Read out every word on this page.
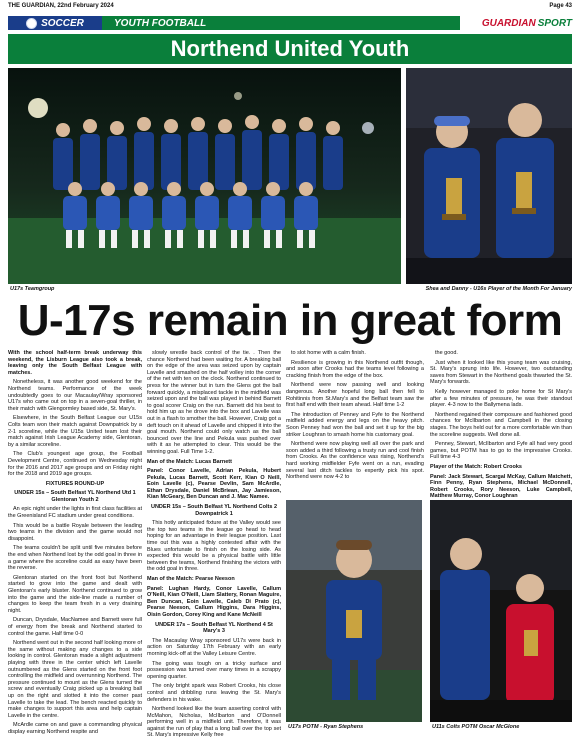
THE GUARDIAN, 22nd February 2024	Page 43
SOCCER	YOUTH FOOTBALL	GUARDIAN SPORT
Northend United Youth
U17s Teamgroup	Shea and Danny - U16s Player of the Month For January
U-17s remain in great form

With the school half-term break underway this weekend, the Lisburn League also took a break, leaving only the South Belfast League with matches.

Nonetheless, it was another good weekend for the Northend teams. Performance of the week undoubtedly goes to our Macaulay/Wray sponsored U17s who came out on top in a seven-goal thriller, in their match with Glengormley based side, St. Mary's.

Elsewhere, in the South Belfast League our U15s Colts team won their match against Downpatrick by a 2-1 scoreline, while the U15s United team lost their match against Irish League Academy side, Glentoran, by a similar scoreline.

The Club's youngest age group, the Football Development Centre, continued on Wednesday night for the 2016 and 2017 age groups and on Friday night for the 2018 and 2019 age groups.

FIXTURES ROUND-UP

UNDER 15s – South Belfast YL Northend Utd 1 Glentoran Youth 2

An epic night under the lights in first class facilities at the Greenisland FC stadium under great conditions.

This would be a battle Royale between the leading two teams in the division and the game would not disappoint.

The teams couldn't be split until five minutes before the end when Northend lost by the odd goal in three in a game where the scoreline could as easy have been the reverse.

Glentoran started on the front foot but Northend started to grow into the game and dealt with Glentoran's early bluster. Northend continued to grow into the game and the side-line made a number of changes to keep the team fresh in a very draining night.

Duncan, Drysdale, MacNamee and Barnett were full of energy from the break and Northend started to control the game. Half time 0-0

Northend went out in the second half looking more of the same without making any changes to a side looking in control. Glentoran made a slight adjustment playing with three in the center which left Lavelle outnumbered as the Glens started on the front foot controlling the midfield and overrunning Northend. The pressure continued to mount as the Glens turned the screw and eventually Craig picked up a breaking ball up on the right and slotted it into the corner past Lavelle to take the lead. The bench reacted quickly to make changes to support this area and help captain Lavelle in the centre.

McArdle came on and gave a commanding physical display earning Northend respite and

slowly wrestle back control of the tie. . Then the chance Northend had been waiting for. A breaking ball on the edge of the area was seized upon by captain Lavelle and smashed on the half volley into the corner of the net with ten on the clock. Northend continued to press for the winner but in turn the Glens got the ball forward quickly, a misplaced tackle in the midfield was seized upon and the ball was played in behind Barnett to goal scorer Craig on the run. Barnett did his best to hold him up as he drove into the box and Lavelle was out in a flash to smother the ball. However, Craig got a deft touch on it ahead of Lavelle and chipped it into the goal mouth. Northend could only watch as the ball bounced over the line and Pekula was pushed over with it as he attempted to clear. This would be the winning goal. Full Time 1-2.

Man of the Match: Lucas Barnett

Panel: Conor Lavelle, Adrian Pekula, Hubert Pekula, Lucas Barnett, Scott Kerr, Kian O Neill, Eoin Lavelle (c), Pearse Devlin, Sam McArdle, Ethan Drysdale, Daniel McBriean, Jay Jamieson, Kian McGeary, Ben Duncan and J. Mac Namee.

UNDER 15s – South Belfast YL Northend Colts 2 Downpatrick 1

This hotly anticipated fixture at the Valley would see the top two teams in the league go head to head hoping for an advantage in their league position. Last time out this was a highly contested affair with the Blues unfortunate to finish on the losing side. As expected this would be a physical battle with little between the teams, Northend finishing the victors with the odd goal in three.

Man of the Match: Pearse Neeson

Panel: Lughan Hardy, Conor Lavelle, Callum O'Neill, Kian O'Neill, Liam Slattery, Ronan Maguire, Ben Duncan, Eoin Lavelle, Caleb Di Prato (c), Pearse Neeson, Callum Higgins, Dara Higgins, Oisin Gordon, Corey King and Kane McNeill

UNDER 17s – South Belfast YL Northend 4 St Mary's 3

The Macaulay Wray sponsored U17s were back in action on Saturday 17th February with an early morning kick-off at the Valley Leisure Centre.

The going was tough on a tricky surface and possession was turned over many times in a scrappy opening quarter.

The only bright spark was Robert Crooks, his close control and dribbling runs leaving the St. Mary's defenders in his wake.

Northend looked like the team asserting control with McMahon, Nicholas, McIlbarton and O'Donnell performing well in a midfield unit. Therefore, it was against the run of play that a long ball over the top set St. Mary's impressive Kelly free

to slot home with a calm finish.

Resilience is growing in this Northend outfit though, and soon after Crooks had the teams level following a cracking finish from the edge of the box.

Northend were now passing well and looking dangerous. Another hopeful long ball then fell to Rohitinnis from St.Mary's and the Belfast team saw the first half end with their team ahead. Half time 1-2

The introduction of Penney and Fyfe to the Northend midfield added energy and legs on the heavy pitch. Soon Penney had won the ball and set it up for the big striker Loughran to smash home his customary goal.

Northend were now playing well all over the park and soon added a third following a trusty run and cool finish from Crooks. As the confidence was rising, Northend's hard working midfielder Fyfe went on a run, evading several last ditch tackles to expertly pick his spot. Northend were now 4-2 to

the good.

Just when it looked like this young team was cruising, St. Mary's sprung into life. However, two outstanding saves from Stewart in the Northend goals thwarted the St. Mary's forwards.

Kelly however managed to poke home for St Mary's after a few minutes of pressure, he was their standout player. 4-3 now to the Ballymena lads.

Northend regained their composure and fashioned good chances for McIlbarton and Campbell in the closing stages. The boys held out for a more comfortable win than the scoreline suggests. Well done all.

Penney, Stewart, McIlbarton and Fyfe all had very good games, but POTM has to go to the impressive Crooks. Full time 4-3

Player of the Match: Robert Crooks

Panel: Jack Stewart, Scargal McKay, Callum Matchett, Finn Penny, Ryan Stephens, Michael McDonnell, Robert Crooks, Rory Neeson, Luke Campbell, Matthew Murray, Conor Loughran

U17s POTM - Ryan Stephens	U11s Colts POTM Oscar McGlone
